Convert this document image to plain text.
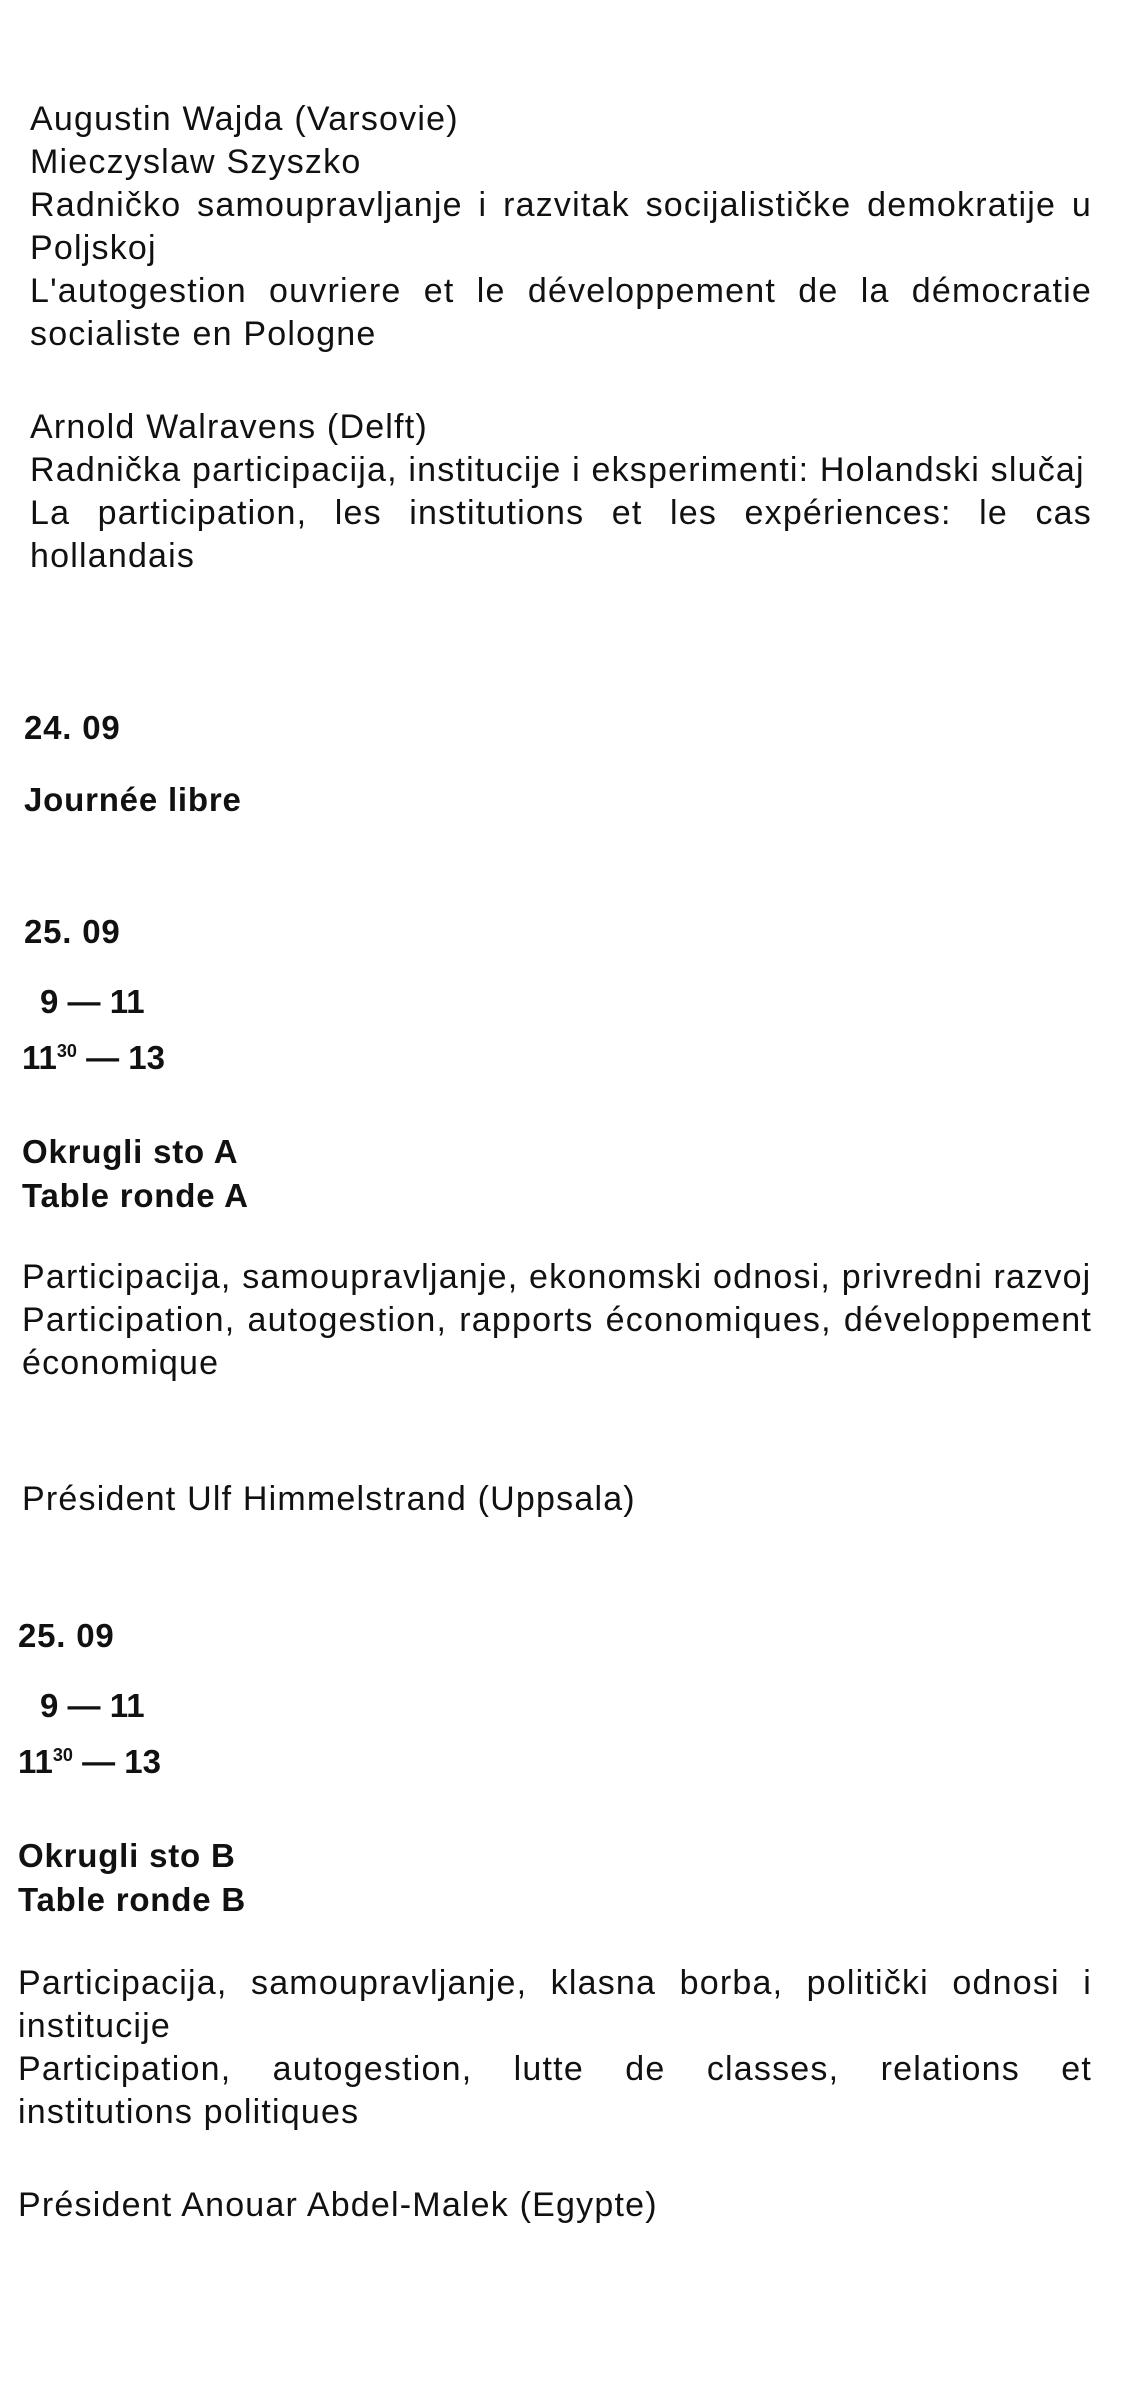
Augustin Wajda (Varsovie)

Mieczyslaw Szyszko

Radničko samoupravljanje i razvitak socijalističke demokratije u Poljskoj

L'autogestion ouvriere et le développement de la démocratie socialiste en Pologne

Arnold Walravens (Delft)

Radnička participacija, institucije i eksperimenti: Holandski slučaj

La participation, les institutions et les expériences: le cas hollandais

24. 09
Journée libre
25. 09
9 — 11
$11^{30}$ — 13
Okrugli sto A
Table ronde A

Participacija, samoupravljanje, ekonomski odnosi, privredni razvoj

Participation, autogestion, rapports économiques, développement économique

Président Ulf Himmelstrand (Uppsala)
25. 09
9 — 11
$11^{30}$ — 13
Okrugli sto B
Table ronde B

Participacija, samoupravljanje, klasna borba, politički odnosi i institucije

Participation, autogestion, lutte de classes, relations et institutions politiques

Président Anouar Abdel-Malek (Egypte)
